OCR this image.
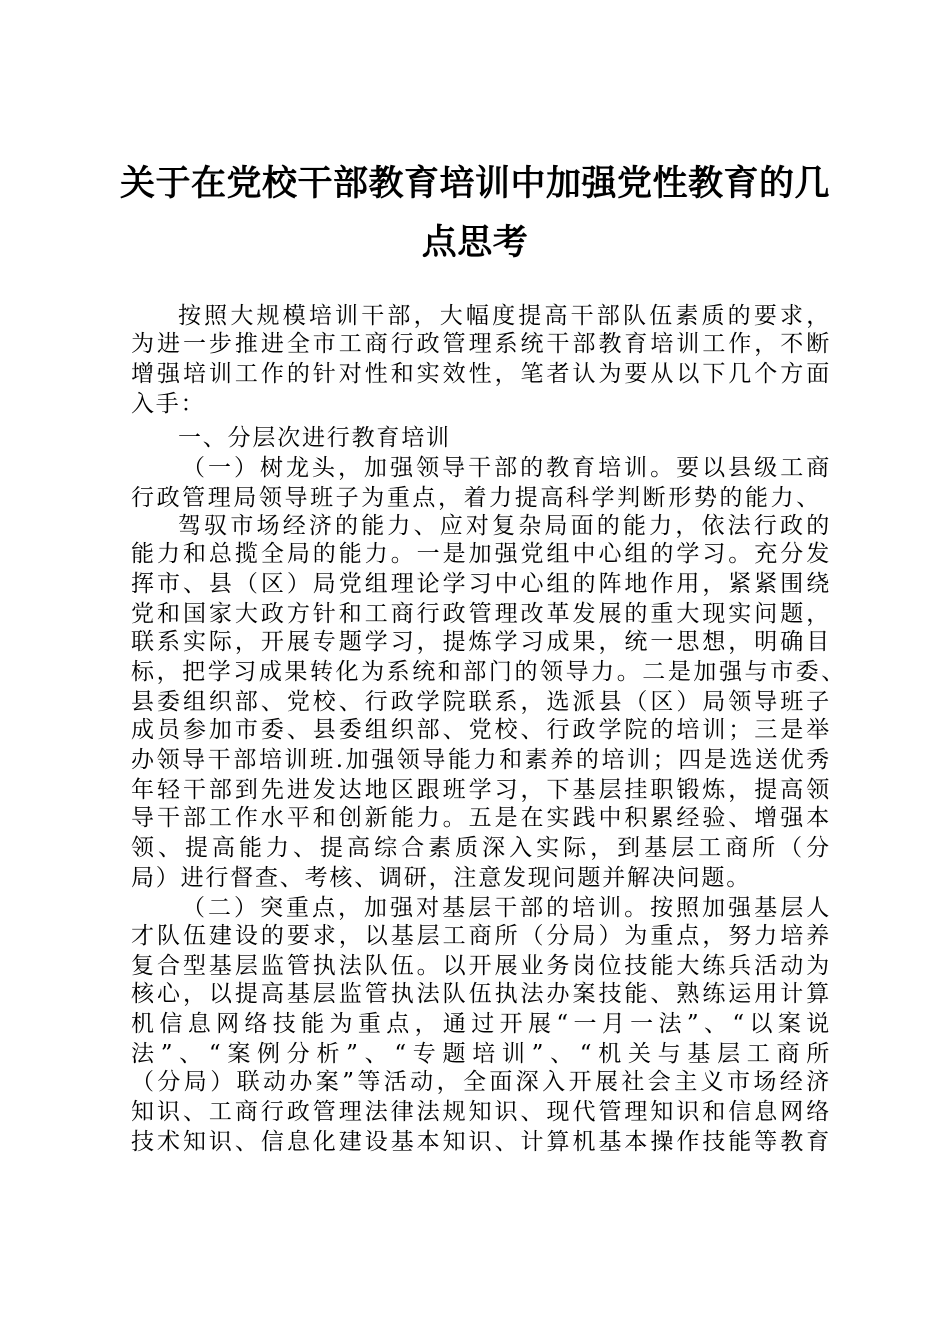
关于在党校干部教育培训中加强党性教育的几
点思考
按照大规模培训干部，大幅度提高干部队伍素质的要求，
为进一步推进全市工商行政管理系统干部教育培训工作，不断
增强培训工作的针对性和实效性，笔者认为要从以下几个方面
入手：
一、分层次进行教育培训
（一）树龙头，加强领导干部的教育培训。要以县级工商
行政管理局领导班子为重点，着力提高科学判断形势的能力、
驾驭市场经济的能力、应对复杂局面的能力，依法行政的
能力和总揽全局的能力。一是加强党组中心组的学习。充分发
挥市、县（区）局党组理论学习中心组的阵地作用，紧紧围绕
党和国家大政方针和工商行政管理改革发展的重大现实问题，
联系实际，开展专题学习，提炼学习成果，统一思想，明确目
标，把学习成果转化为系统和部门的领导力。二是加强与市委、
县委组织部、党校、行政学院联系，选派县（区）局领导班子
成员参加市委、县委组织部、党校、行政学院的培训；三是举
办领导干部培训班.加强领导能力和素养的培训；四是选送优秀
年轻干部到先进发达地区跟班学习，下基层挂职锻炼，提高领
导干部工作水平和创新能力。五是在实践中积累经验、增强本
领、提高能力、提高综合素质深入实际，到基层工商所（分
局）进行督查、考核、调研，注意发现问题并解决问题。
（二）突重点，加强对基层干部的培训。按照加强基层人
才队伍建设的要求，以基层工商所（分局）为重点，努力培养
复合型基层监管执法队伍。以开展业务岗位技能大练兵活动为
核心，以提高基层监管执法队伍执法办案技能、熟练运用计算
机信息网络技能为重点，通过开展“一月一法”、“以案说
法”、“案例分析”、“专题培训”、“机关与基层工商所
（分局）联动办案”等活动，全面深入开展社会主义市场经济
知识、工商行政管理法律法规知识、现代管理知识和信息网络
技术知识、信息化建设基本知识、计算机基本操作技能等教育
